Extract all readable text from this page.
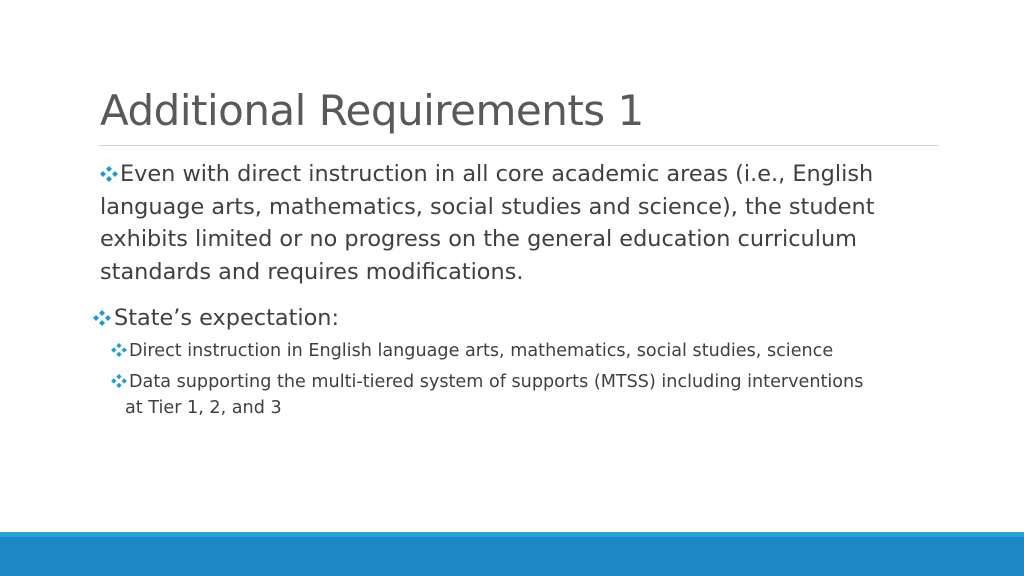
Additional Requirements 1

Even with direct instruction in all core academic areas (i.e., English language arts, mathematics, social studies and science), the student exhibits limited or no progress on the general education curriculum standards and requires modifications.

State’s expectation:

Direct instruction in English language arts, mathematics, social studies, science

Data supporting the multi-tiered system of supports (MTSS) including interventions
at Tier 1, 2, and 3
